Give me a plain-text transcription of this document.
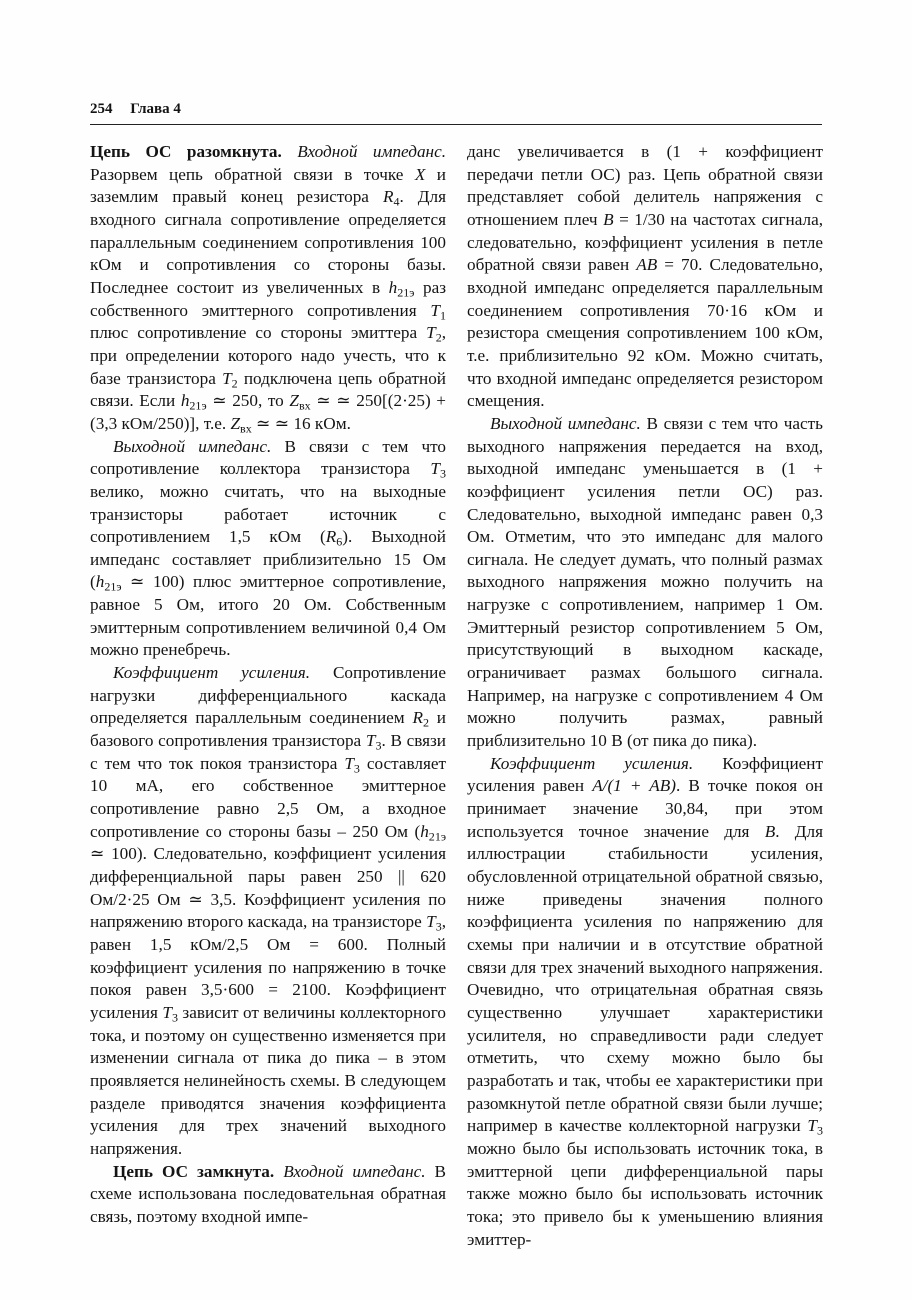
254 Глава 4

Цепь ОС разомкнута. Входной импеданс. Разорвем цепь обратной связи в точке X и заземлим правый конец резистора $R_4$. Для входного сигнала сопротивление определяется параллельным соединением сопротивления 100 кОм и сопротивления со стороны базы. Последнее состоит из увеличенных в $h_{21э}$ раз собственного эмиттерного сопротивления $T_1$ плюс сопротивление со стороны эмиттера $T_2$, при определении которого надо учесть, что к базе транзистора $T_2$ подключена цепь обратной связи. Если $h_{21э}$ ≃ 250, то $Z_{вх}$ ≃ ≃ 250[(2·25) + (3,3 кОм/250)], т.е. $Z_{вх}$ ≃ ≃ 16 кОм.

Выходной импеданс. В связи с тем что сопротивление коллектора транзистора $T_3$ велико, можно считать, что на выходные транзисторы работает источник с сопротивлением 1,5 кОм $(R_6)$. Выходной импеданс составляет приблизительно 15 Ом ($h_{21э}$ ≃ 100) плюс эмиттерное сопротивление, равное 5 Ом, итого 20 Ом. Собственным эмиттерным сопротивлением величиной 0,4 Ом можно пренебречь.

Коэффициент усиления. Сопротивление нагрузки дифференциального каскада определяется параллельным соединением $R_2$ и базового сопротивления транзистора $T_3$. В связи с тем что ток покоя транзистора $T_3$ составляет 10 мА, его собственное эмиттерное сопротивление равно 2,5 Ом, а входное сопротивление со стороны базы – 250 Ом ($h_{21э}$ ≃ 100). Следовательно, коэффициент усиления дифференциальной пары равен 250 || 620 Ом/2·25 Ом ≃ 3,5. Коэффициент усиления по напряжению второго каскада, на транзисторе $T_3$, равен 1,5 кОм/2,5 Ом = 600. Полный коэффициент усиления по напряжению в точке покоя равен 3,5·600 = 2100. Коэффициент усиления $T_3$ зависит от величины коллекторного тока, и поэтому он существенно изменяется при изменении сигнала от пика до пика – в этом проявляется нелинейность схемы. В следующем разделе приводятся значения коэффициента усиления для трех значений выходного напряжения.

Цепь ОС замкнута. Входной импеданс. В схеме использована последовательная обратная связь, поэтому входной импе-

данс увеличивается в (1 + коэффициент передачи петли ОС) раз. Цепь обратной связи представляет собой делитель напряжения с отношением плеч B = 1/30 на частотах сигнала, следовательно, коэффициент усиления в петле обратной связи равен AB = 70. Следовательно, входной импеданс определяется параллельным соединением сопротивления 70·16 кОм и резистора смещения сопротивлением 100 кОм, т.е. приблизительно 92 кОм. Можно считать, что входной импеданс определяется резистором смещения.

Выходной импеданс. В связи с тем что часть выходного напряжения передается на вход, выходной импеданс уменьшается в (1 + коэффициент усиления петли ОС) раз. Следовательно, выходной импеданс равен 0,3 Ом. Отметим, что это импеданс для малого сигнала. Не следует думать, что полный размах выходного напряжения можно получить на нагрузке с сопротивлением, например 1 Ом. Эмиттерный резистор сопротивлением 5 Ом, присутствующий в выходном каскаде, ограничивает размах большого сигнала. Например, на нагрузке с сопротивлением 4 Ом можно получить размах, равный приблизительно 10 В (от пика до пика).

Коэффициент усиления. Коэффициент усиления равен A/(1 + AB). В точке покоя он принимает значение 30,84, при этом используется точное значение для B. Для иллюстрации стабильности усиления, обусловленной отрицательной обратной связью, ниже приведены значения полного коэффициента усиления по напряжению для схемы при наличии и в отсутствие обратной связи для трех значений выходного напряжения. Очевидно, что отрицательная обратная связь существенно улучшает характеристики усилителя, но справедливости ради следует отметить, что схему можно было бы разработать и так, чтобы ее характеристики при разомкнутой петле обратной связи были лучше; например в качестве коллекторной нагрузки $T_3$ можно было бы использовать источник тока, в эмиттерной цепи дифференциальной пары также можно было бы использовать источник тока; это привело бы к уменьшению влияния эмиттер-
